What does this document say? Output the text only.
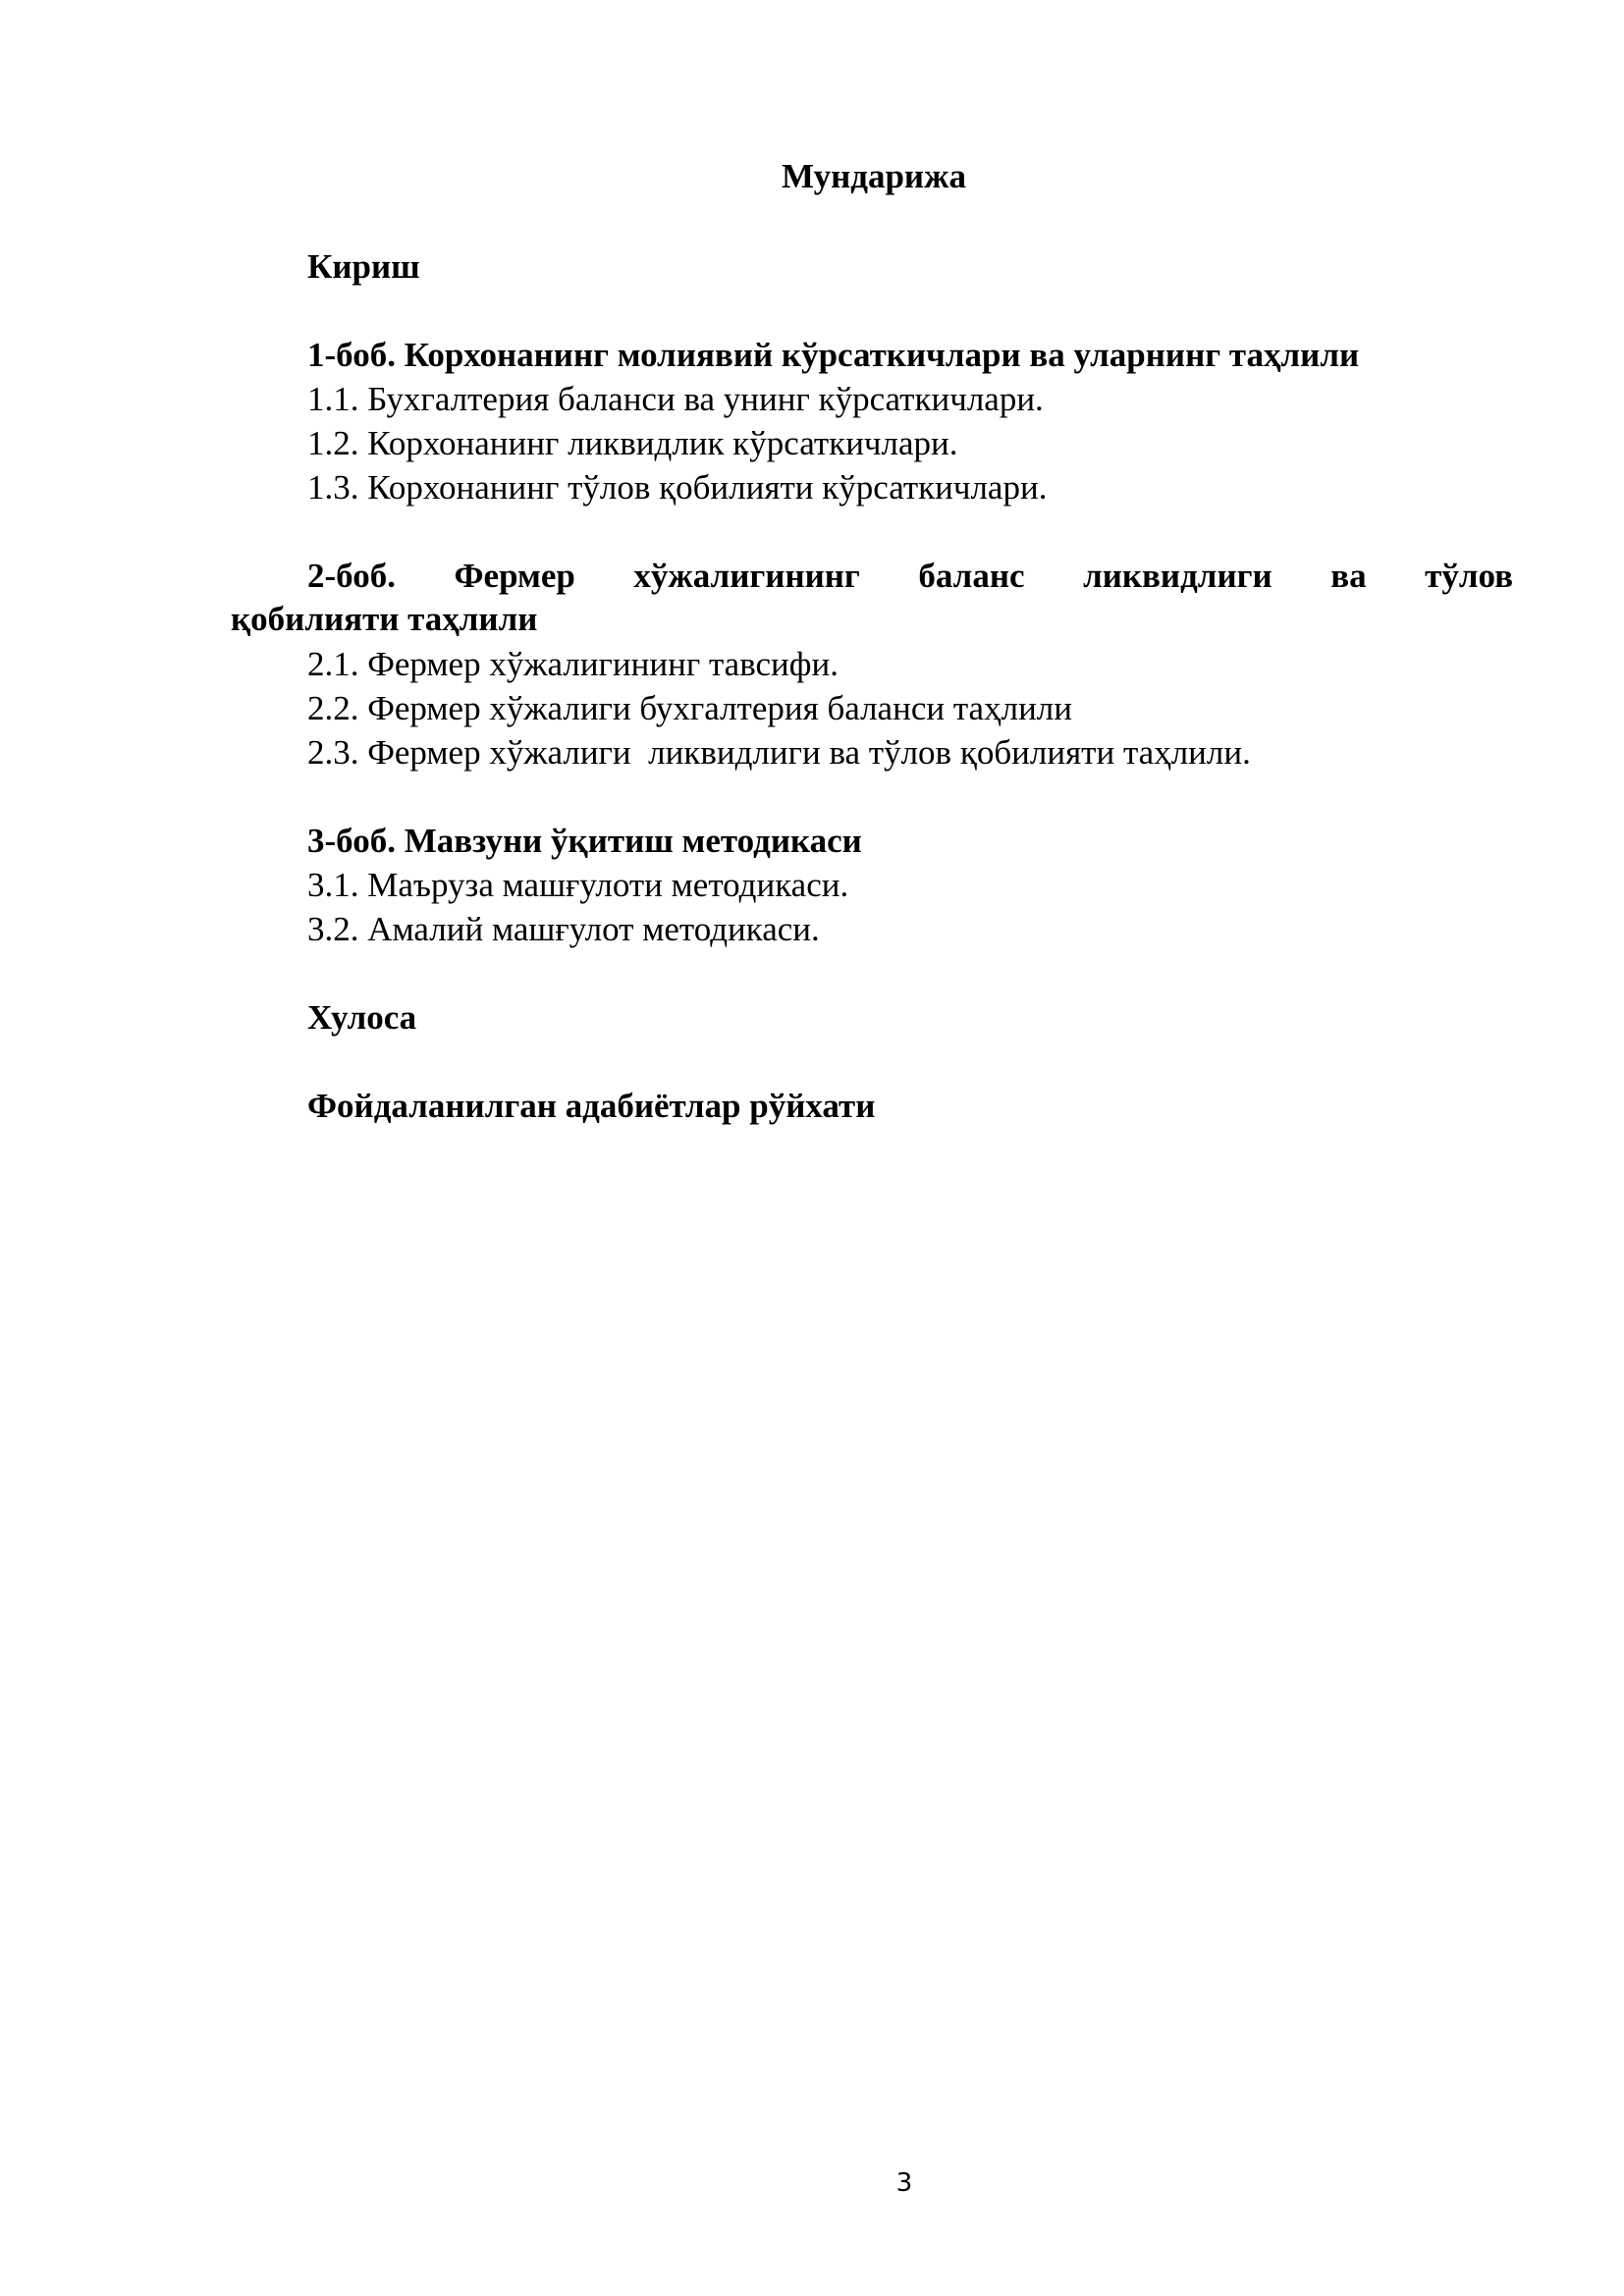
Мундарижа
Кириш
1-боб. Корхонанинг молиявий кўрсаткичлари ва уларнинг таҳлили
1.1. Бухгалтерия баланси ва унинг кўрсаткичлари.
1.2. Корхонанинг ликвидлик кўрсаткичлари.
1.3. Корхонанинг тўлов қобилияти кўрсаткичлари.
2-боб. Фермер хўжалигининг баланс ликвидлиги ва тўлов
қобилияти таҳлили
2.1. Фермер хўжалигининг тавсифи.
2.2. Фермер хўжалиги бухгалтерия баланси таҳлили
2.3. Фермер хўжалиги  ликвидлиги ва тўлов қобилияти таҳлили.
3-боб. Мавзуни ўқитиш методикаси
3.1. Маъруза машғулоти методикаси.
3.2. Амалий машғулот методикаси.
Хулоса
Фойдаланилган адабиётлар рўйхати
3
